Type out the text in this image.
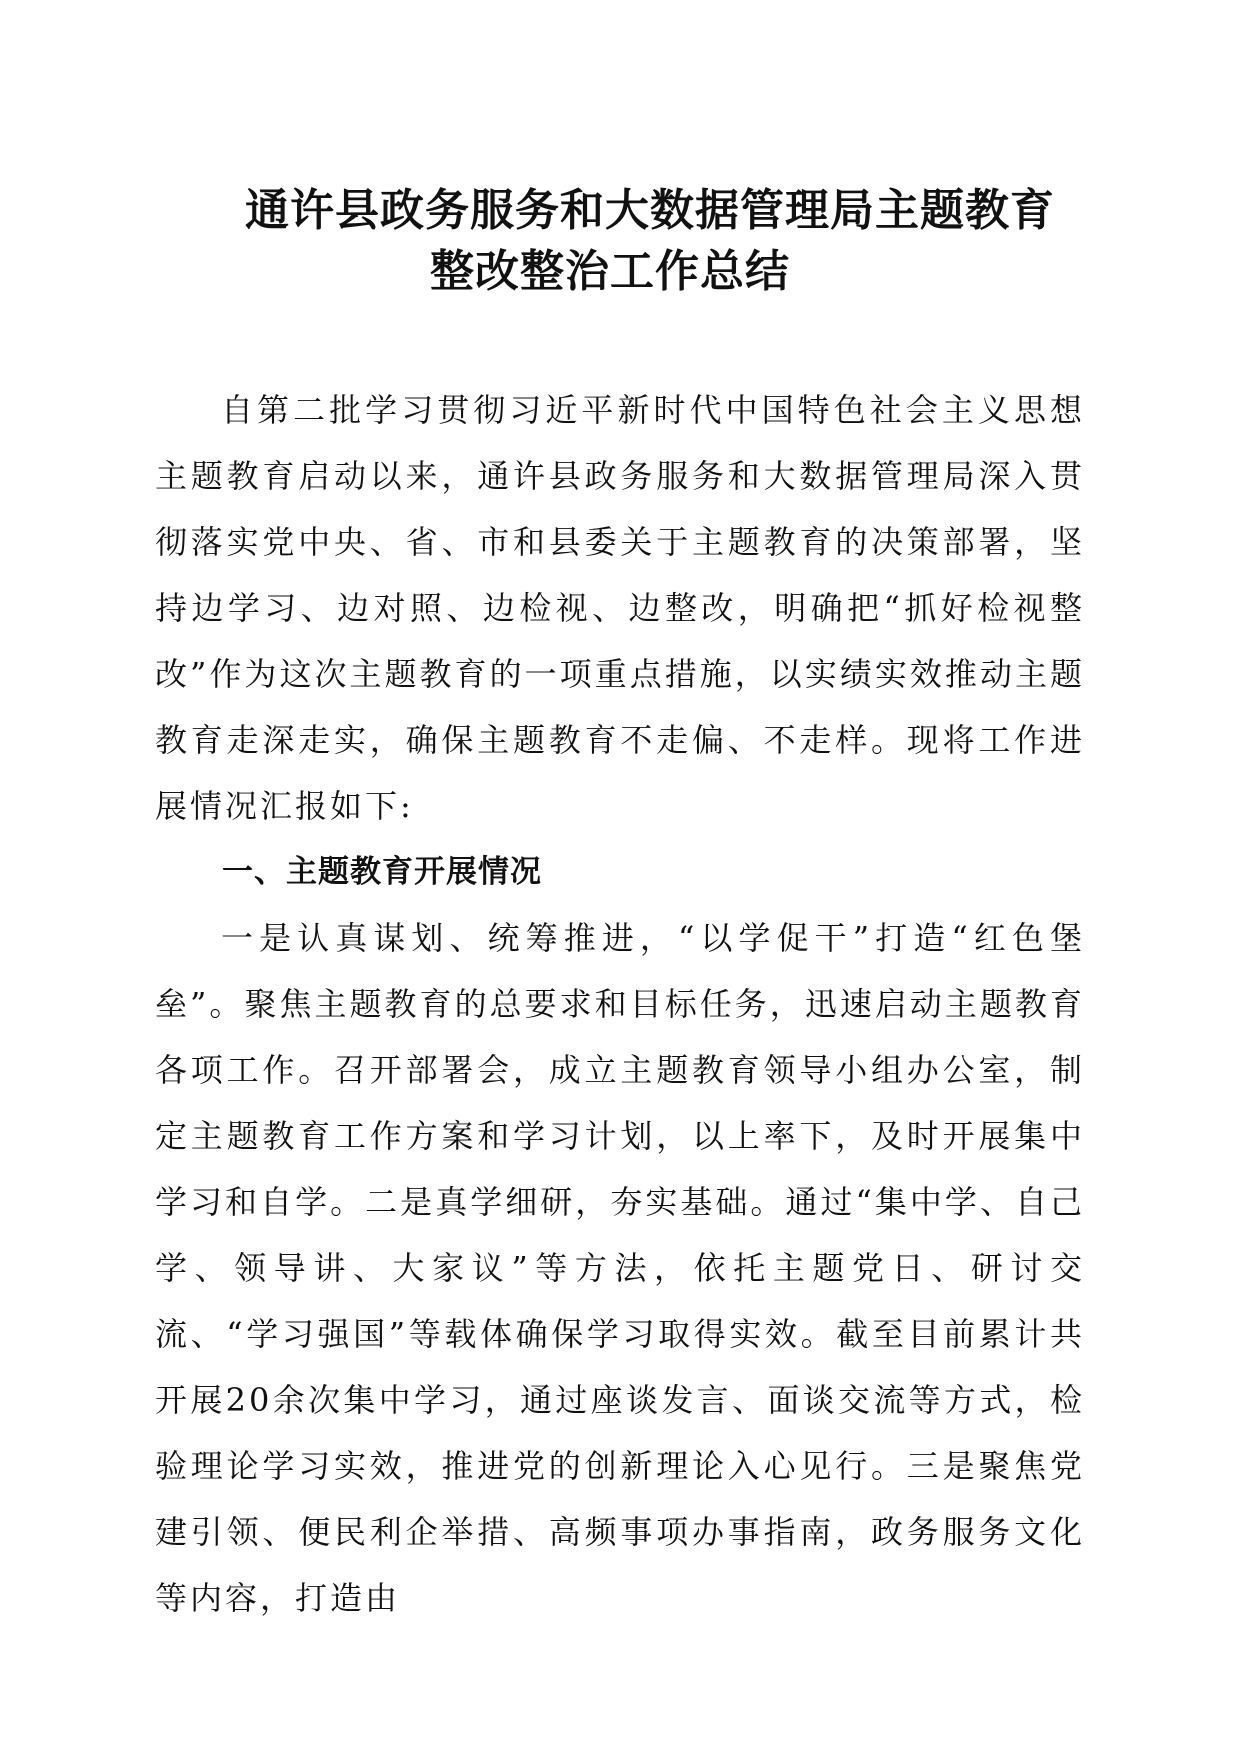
通许县政务服务和大数据管理局主题教育
整改整治工作总结

自第二批学习贯彻习近平新时代中国特色社会主义思想主题教育启动以来，通许县政务服务和大数据管理局深入贯彻落实党中央、省、市和县委关于主题教育的决策部署，坚持边学习、边对照、边检视、边整改，明确把“抓好检视整改”作为这次主题教育的一项重点措施，以实绩实效推动主题教育走深走实，确保主题教育不走偏、不走样。现将工作进展情况汇报如下:

一、主题教育开展情况

一是认真谋划、统筹推进，“以学促干”打造“红色堡垒”。聚焦主题教育的总要求和目标任务，迅速启动主题教育各项工作。召开部署会，成立主题教育领导小组办公室，制定主题教育工作方案和学习计划，以上率下，及时开展集中学习和自学。二是真学细研，夯实基础。通过“集中学、自己学、领导讲、大家议”等方法，依托主题党日、研讨交流、“学习强国”等载体确保学习取得实效。截至目前累计共开展20余次集中学习，通过座谈发言、面谈交流等方式，检验理论学习实效，推进党的创新理论入心见行。三是聚焦党建引领、便民利企举措、高频事项办事指南，政务服务文化等内容，打造由
